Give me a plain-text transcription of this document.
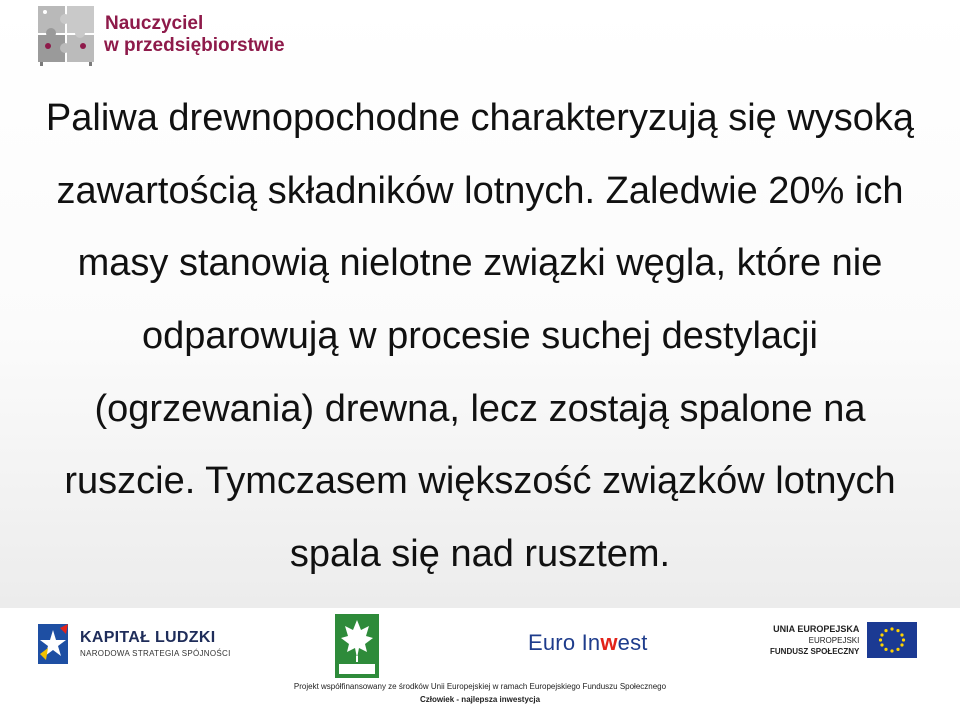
Nauczyciel
w przedsiębiorstwie
Paliwa drewnopochodne charakteryzują się wysoką
zawartością składników lotnych. Zaledwie 20% ich
masy stanowią nielotne związki węgla, które nie
odparowują w procesie suchej destylacji
(ogrzewania) drewna, lecz zostają spalone na
ruszcie. Tymczasem większość związków lotnych
spala się nad rusztem.
KAPITAŁ LUDZKI
NARODOWA STRATEGIA SPÓJNOŚCI	Euro Inwest
UNIA EUROPEJSKA
EUROPEJSKI
FUNDUSZ SPOŁECZNY
Projekt współfinansowany ze środków Unii Europejskiej w ramach Europejskiego Funduszu Społecznego
Człowiek - najlepsza inwestycja
